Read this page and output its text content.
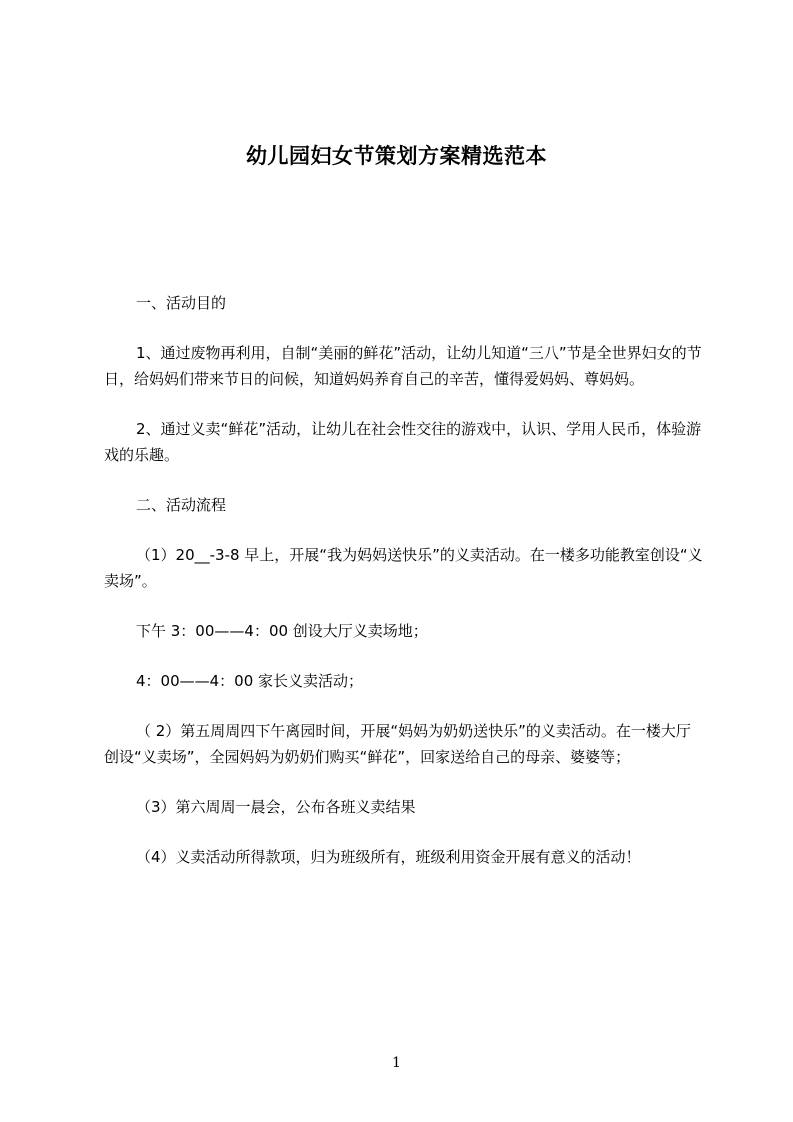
幼儿园妇女节策划方案精选范本

一、活动目的

1、通过废物再利用，自制“美丽的鲜花”活动，让幼儿知道“三八”节是全世界妇女的节日，给妈妈们带来节日的问候，知道妈妈养育自己的辛苦，懂得爱妈妈、尊妈妈。

2、通过义卖“鲜花”活动，让幼儿在社会性交往的游戏中，认识、学用人民币，体验游戏的乐趣。

二、活动流程

（1）20__-3-8 早上，开展“我为妈妈送快乐”的义卖活动。在一楼多功能教室创设“义卖场”。

下午 3：00——4：00 创设大厅义卖场地；

4：00——4：00 家长义卖活动；

（ 2）第五周周四下午离园时间，开展“妈妈为奶奶送快乐”的义卖活动。在一楼大厅创设“义卖场”，全园妈妈为奶奶们购买“鲜花”，回家送给自己的母亲、婆婆等；

（3）第六周周一晨会，公布各班义卖结果

（4）义卖活动所得款项，归为班级所有，班级利用资金开展有意义的活动！

1
